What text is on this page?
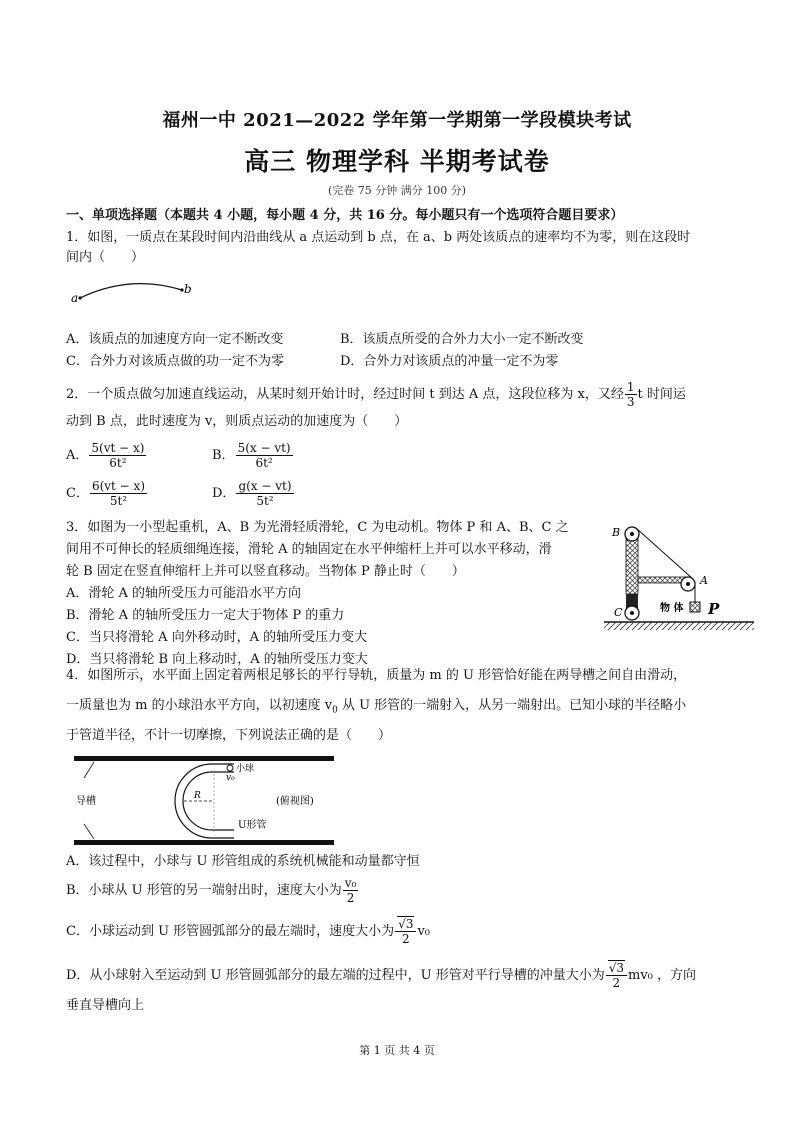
福州一中 2021—2022 学年第一学期第一学段模块考试
高三 物理学科 半期考试卷
(完卷 75 分钟 满分 100 分)
一、单项选择题（本题共 4 小题，每小题 4 分，共 16 分。每小题只有一个选项符合题目要求）
1．如图，一质点在某段时间内沿曲线从 a 点运动到 b 点，在 a、b 两处该质点的速率均不为零，则在这段时
间内（　　）
a
b
A．该质点的加速度方向一定不断改变	B．该质点所受的合外力大小一定不断改变
C．合外力对该质点做的功一定不为零	D．合外力对该质点的冲量一定不为零
2．一个质点做匀加速直线运动，从某时刻开始计时，经过时间 t 到达 A 点，这段位移为 x，又经 $\frac{1}{3}$ t 时间运
动到 B 点，此时速度为 v，则质点运动的加速度为（　　）
A． $\frac{5(vt - x)}{\text{6t²}}$	B． $\frac{5(x - vt)}{\text{6t²}}$
C． $\frac{6(vt - x)}{\text{5t²}}$	D． $\frac{g(x - vt)}{\text{5t²}}$
3．如图为一小型起重机，A、B 为光滑轻质滑轮，C 为电动机。物体 P 和 A、B、C 之
间用不可伸长的轻质细绳连接，滑轮 A 的轴固定在水平伸缩杆上并可以水平移动，滑
轮 B 固定在竖直伸缩杆上并可以竖直移动。当物体 P 静止时（　　）
A．滑轮 A 的轴所受压力可能沿水平方向
B．滑轮 A 的轴所受压力一定大于物体 P 的重力
C．当只将滑轮 A 向外移动时，A 的轴所受压力变大
D．当只将滑轮 B 向上移动时，A 的轴所受压力变大
B
A
C	物 体 P
4．如图所示，水平面上固定着两根足够长的平行导轨，质量为 m 的 U 形管恰好能在两导槽之间自由滑动，
一质量也为 m 的小球沿水平方向，以初速度 $v_0$ 从 U 形管的一端射入，从另一端射出。已知小球的半径略小
于管道半径，不计一切摩擦，下列说法正确的是（　　）
导槽
小球
v₀
R
U形管
(俯视图)
A．该过程中，小球与 U 形管组成的系统机械能和动量都守恒
B．小球从 U 形管的另一端射出时，速度大小为 $\frac{\text{v₀}}{2}$
C．小球运动到 U 形管圆弧部分的最左端时，速度大小为 $\frac{√3}{2} v_0$
D．从小球射入至运动到 U 形管圆弧部分的最左端的过程中，U 形管对平行导槽的冲量大小为 $\frac{√3}{2} mv_0$ ，方向
垂直导槽向上
第 1 页 共 4 页
